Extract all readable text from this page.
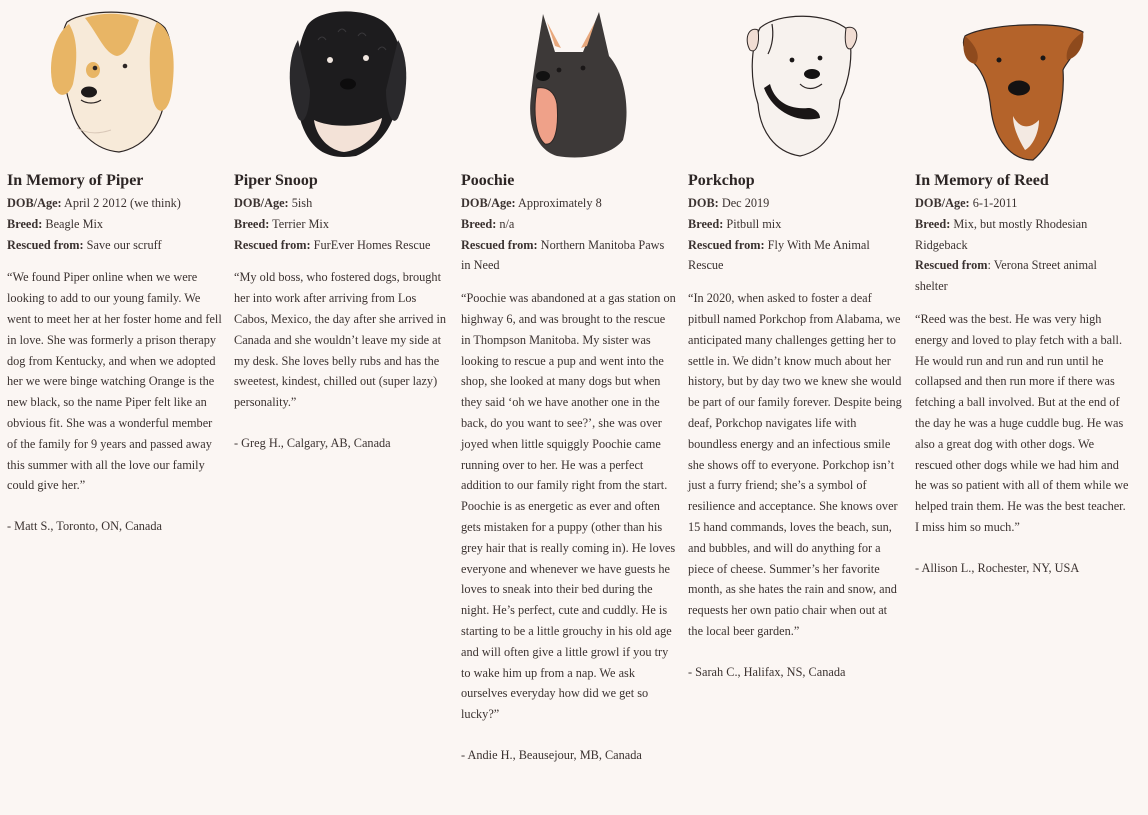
In Memory of Piper

DOB/Age: April 2 2012 (we think)

Breed: Beagle Mix

Rescued from: Save our scruff

“We found Piper online when we were looking to add to our young family. We went to meet her at her foster home and fell in love. She was formerly a prison therapy dog from Kentucky, and when we adopted her we were binge watching Orange is the new black, so the name Piper felt like an obvious fit. She was a wonderful member of the family for 9 years and passed away this summer with all the love our family could give her.”

- Matt S., Toronto, ON, Canada

Piper Snoop

DOB/Age: 5ish

Breed: Terrier Mix

Rescued from: FurEver Homes Rescue

“My old boss, who fostered dogs, brought her into work after arriving from Los Cabos, Mexico, the day after she arrived in Canada and she wouldn’t leave my side at my desk. She loves belly rubs and has the sweetest, kindest, chilled out (super lazy) personality.”

- Greg H., Calgary, AB, Canada

Poochie

DOB/Age: Approximately 8

Breed: n/a

Rescued from: Northern Manitoba Paws in Need

“Poochie was abandoned at a gas station on highway 6, and was brought to the rescue in Thompson Manitoba. My sister was looking to rescue a pup and went into the shop, she looked at many dogs but when they said ‘oh we have another one in the back, do you want to see?’, she was over joyed when little squiggly Poochie came running over to her. He was a perfect addition to our family right from the start. Poochie is as energetic as ever and often gets mistaken for a puppy (other than his grey hair that is really coming in). He loves everyone and whenever we have guests he loves to sneak into their bed during the night. He’s perfect, cute and cuddly. He is starting to be a little grouchy in his old age and will often give a little growl if you try to wake him up from a nap. We ask ourselves everyday how did we get so lucky?”

- Andie H., Beausejour, MB, Canada

Porkchop

DOB: Dec 2019

Breed: Pitbull mix

Rescued from: Fly With Me Animal Rescue

“In 2020, when asked to foster a deaf pitbull named Porkchop from Alabama, we anticipated many challenges getting her to settle in. We didn’t know much about her history, but by day two we knew she would be part of our family forever. Despite being deaf, Porkchop navigates life with boundless energy and an infectious smile she shows off to everyone. Porkchop isn’t just a furry friend; she’s a symbol of resilience and acceptance. She knows over 15 hand commands, loves the beach, sun, and bubbles, and will do anything for a piece of cheese. Summer’s her favorite month, as she hates the rain and snow, and requests her own patio chair when out at the local beer garden.”

- Sarah C., Halifax, NS, Canada

In Memory of Reed

DOB/Age: 6-1-2011

Breed: Mix, but mostly Rhodesian Ridgeback

Rescued from: Verona Street animal shelter

“Reed was the best. He was very high energy and loved to play fetch with a ball. He would run and run and run until he collapsed and then run more if there was fetching a ball involved. But at the end of the day he was a huge cuddle bug. He was also a great dog with other dogs. We rescued other dogs while we had him and he was so patient with all of them while we helped train them. He was the best teacher. I miss him so much.”

- Allison L., Rochester, NY, USA
